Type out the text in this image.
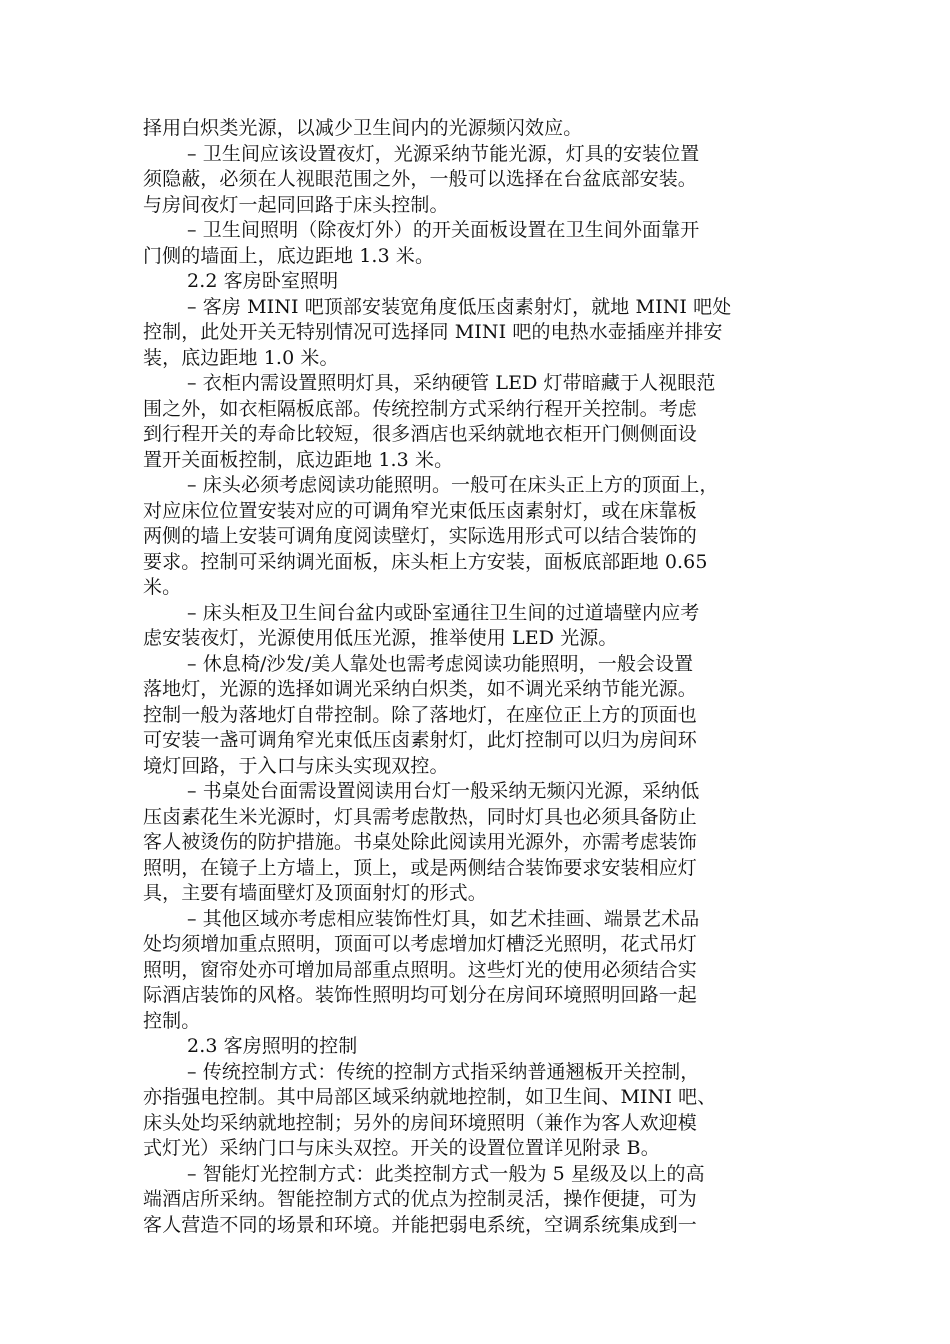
择用白炽类光源，以减少卫生间内的光源频闪效应。
– 卫生间应该设置夜灯，光源采纳节能光源，灯具的安装位置
须隐蔽，必须在人视眼范围之外，一般可以选择在台盆底部安装。
与房间夜灯一起同回路于床头控制。
– 卫生间照明（除夜灯外）的开关面板设置在卫生间外面靠开
门侧的墙面上，底边距地 1.3 米。
2.2 客房卧室照明
– 客房 MINI 吧顶部安装宽角度低压卤素射灯，就地 MINI 吧处
控制，此处开关无特别情况可选择同 MINI 吧的电热水壶插座并排安
装，底边距地 1.0 米。
– 衣柜内需设置照明灯具，采纳硬管 LED 灯带暗藏于人视眼范
围之外，如衣柜隔板底部。传统控制方式采纳行程开关控制。考虑
到行程开关的寿命比较短，很多酒店也采纳就地衣柜开门侧侧面设
置开关面板控制，底边距地 1.3 米。
– 床头必须考虑阅读功能照明。一般可在床头正上方的顶面上，
对应床位位置安装对应的可调角窄光束低压卤素射灯，或在床靠板
两侧的墙上安装可调角度阅读壁灯，实际选用形式可以结合装饰的
要求。控制可采纳调光面板，床头柜上方安装，面板底部距地 0.65
米。
– 床头柜及卫生间台盆内或卧室通往卫生间的过道墙壁内应考
虑安装夜灯，光源使用低压光源，推举使用 LED 光源。
– 休息椅/沙发/美人靠处也需考虑阅读功能照明，一般会设置
落地灯，光源的选择如调光采纳白炽类，如不调光采纳节能光源。
控制一般为落地灯自带控制。除了落地灯，在座位正上方的顶面也
可安装一盏可调角窄光束低压卤素射灯，此灯控制可以归为房间环
境灯回路，于入口与床头实现双控。
– 书桌处台面需设置阅读用台灯一般采纳无频闪光源，采纳低
压卤素花生米光源时，灯具需考虑散热，同时灯具也必须具备防止
客人被烫伤的防护措施。书桌处除此阅读用光源外，亦需考虑装饰
照明，在镜子上方墙上，顶上，或是两侧结合装饰要求安装相应灯
具，主要有墙面壁灯及顶面射灯的形式。
– 其他区域亦考虑相应装饰性灯具，如艺术挂画、端景艺术品
处均须增加重点照明，顶面可以考虑增加灯槽泛光照明，花式吊灯
照明，窗帘处亦可增加局部重点照明。这些灯光的使用必须结合实
际酒店装饰的风格。装饰性照明均可划分在房间环境照明回路一起
控制。
2.3 客房照明的控制
– 传统控制方式：传统的控制方式指采纳普通翘板开关控制，
亦指强电控制。其中局部区域采纳就地控制，如卫生间、MINI 吧、
床头处均采纳就地控制；另外的房间环境照明（兼作为客人欢迎模
式灯光）采纳门口与床头双控。开关的设置位置详见附录 B。
– 智能灯光控制方式：此类控制方式一般为 5 星级及以上的高
端酒店所采纳。智能控制方式的优点为控制灵活，操作便捷，可为
客人营造不同的场景和环境。并能把弱电系统，空调系统集成到一
